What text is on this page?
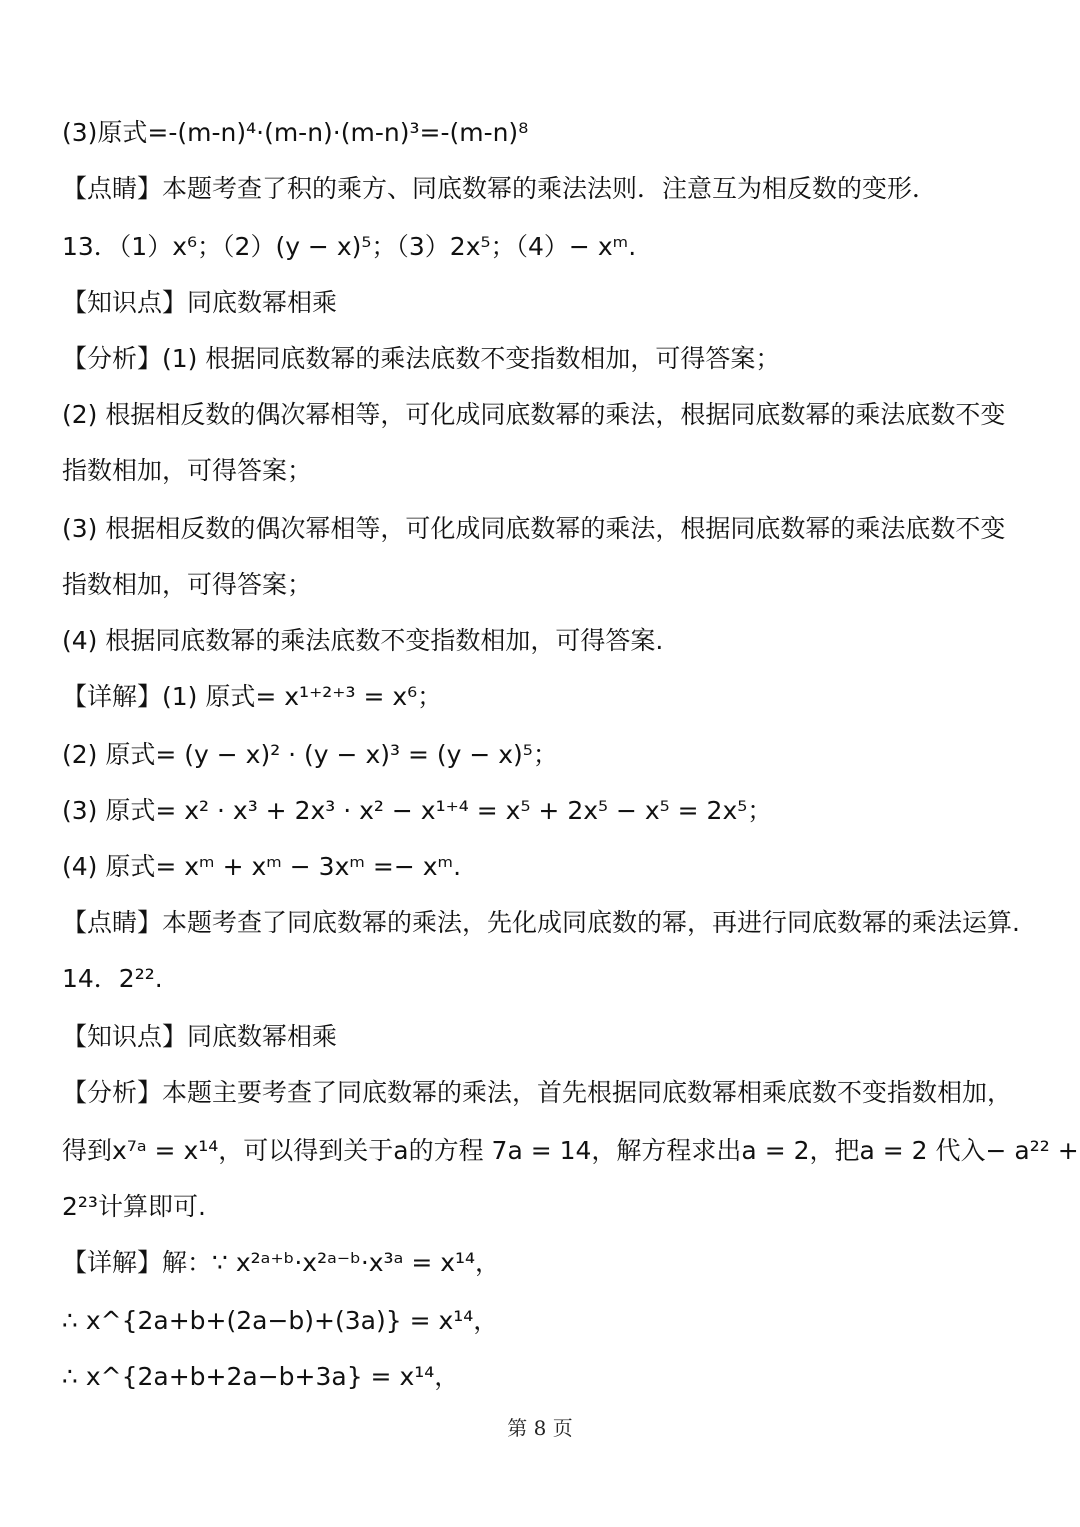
(3)原式=-(m-n)⁴·(m-n)·(m-n)³=-(m-n)⁸
【点睛】本题考查了积的乘方、同底数幂的乘法法则．注意互为相反数的变形．
13．（1）x⁶；（2）(y − x)⁵；（3）2x⁵；（4）− xᵐ.
【知识点】同底数幂相乘
【分析】(1) 根据同底数幂的乘法底数不变指数相加，可得答案；
(2) 根据相反数的偶次幂相等，可化成同底数幂的乘法，根据同底数幂的乘法底数不变
指数相加，可得答案；
(3) 根据相反数的偶次幂相等，可化成同底数幂的乘法，根据同底数幂的乘法底数不变
指数相加，可得答案；
(4) 根据同底数幂的乘法底数不变指数相加，可得答案.
【详解】(1) 原式= x¹⁺²⁺³ = x⁶；
(2) 原式= (y − x)² · (y − x)³ = (y − x)⁵；
(3) 原式= x² · x³ + 2x³ · x² − x¹⁺⁴ = x⁵ + 2x⁵ − x⁵ = 2x⁵；
(4) 原式= xᵐ + xᵐ − 3xᵐ =− xᵐ.
【点睛】本题考查了同底数幂的乘法，先化成同底数的幂，再进行同底数幂的乘法运算.
14．2²².
【知识点】同底数幂相乘
【分析】本题主要考查了同底数幂的乘法，首先根据同底数幂相乘底数不变指数相加，
得到x⁷ᵃ = x¹⁴，可以得到关于a的方程 7a = 14，解方程求出a = 2，把a = 2 代入− a²² +
2²³计算即可.
【详解】解：∵ x²ᵃ⁺ᵇ·x²ᵃ⁻ᵇ·x³ᵃ = x¹⁴，
∴ x^{2a+b+(2a−b)+(3a)} = x¹⁴，
∴ x^{2a+b+2a−b+3a} = x¹⁴，
第 8 页
